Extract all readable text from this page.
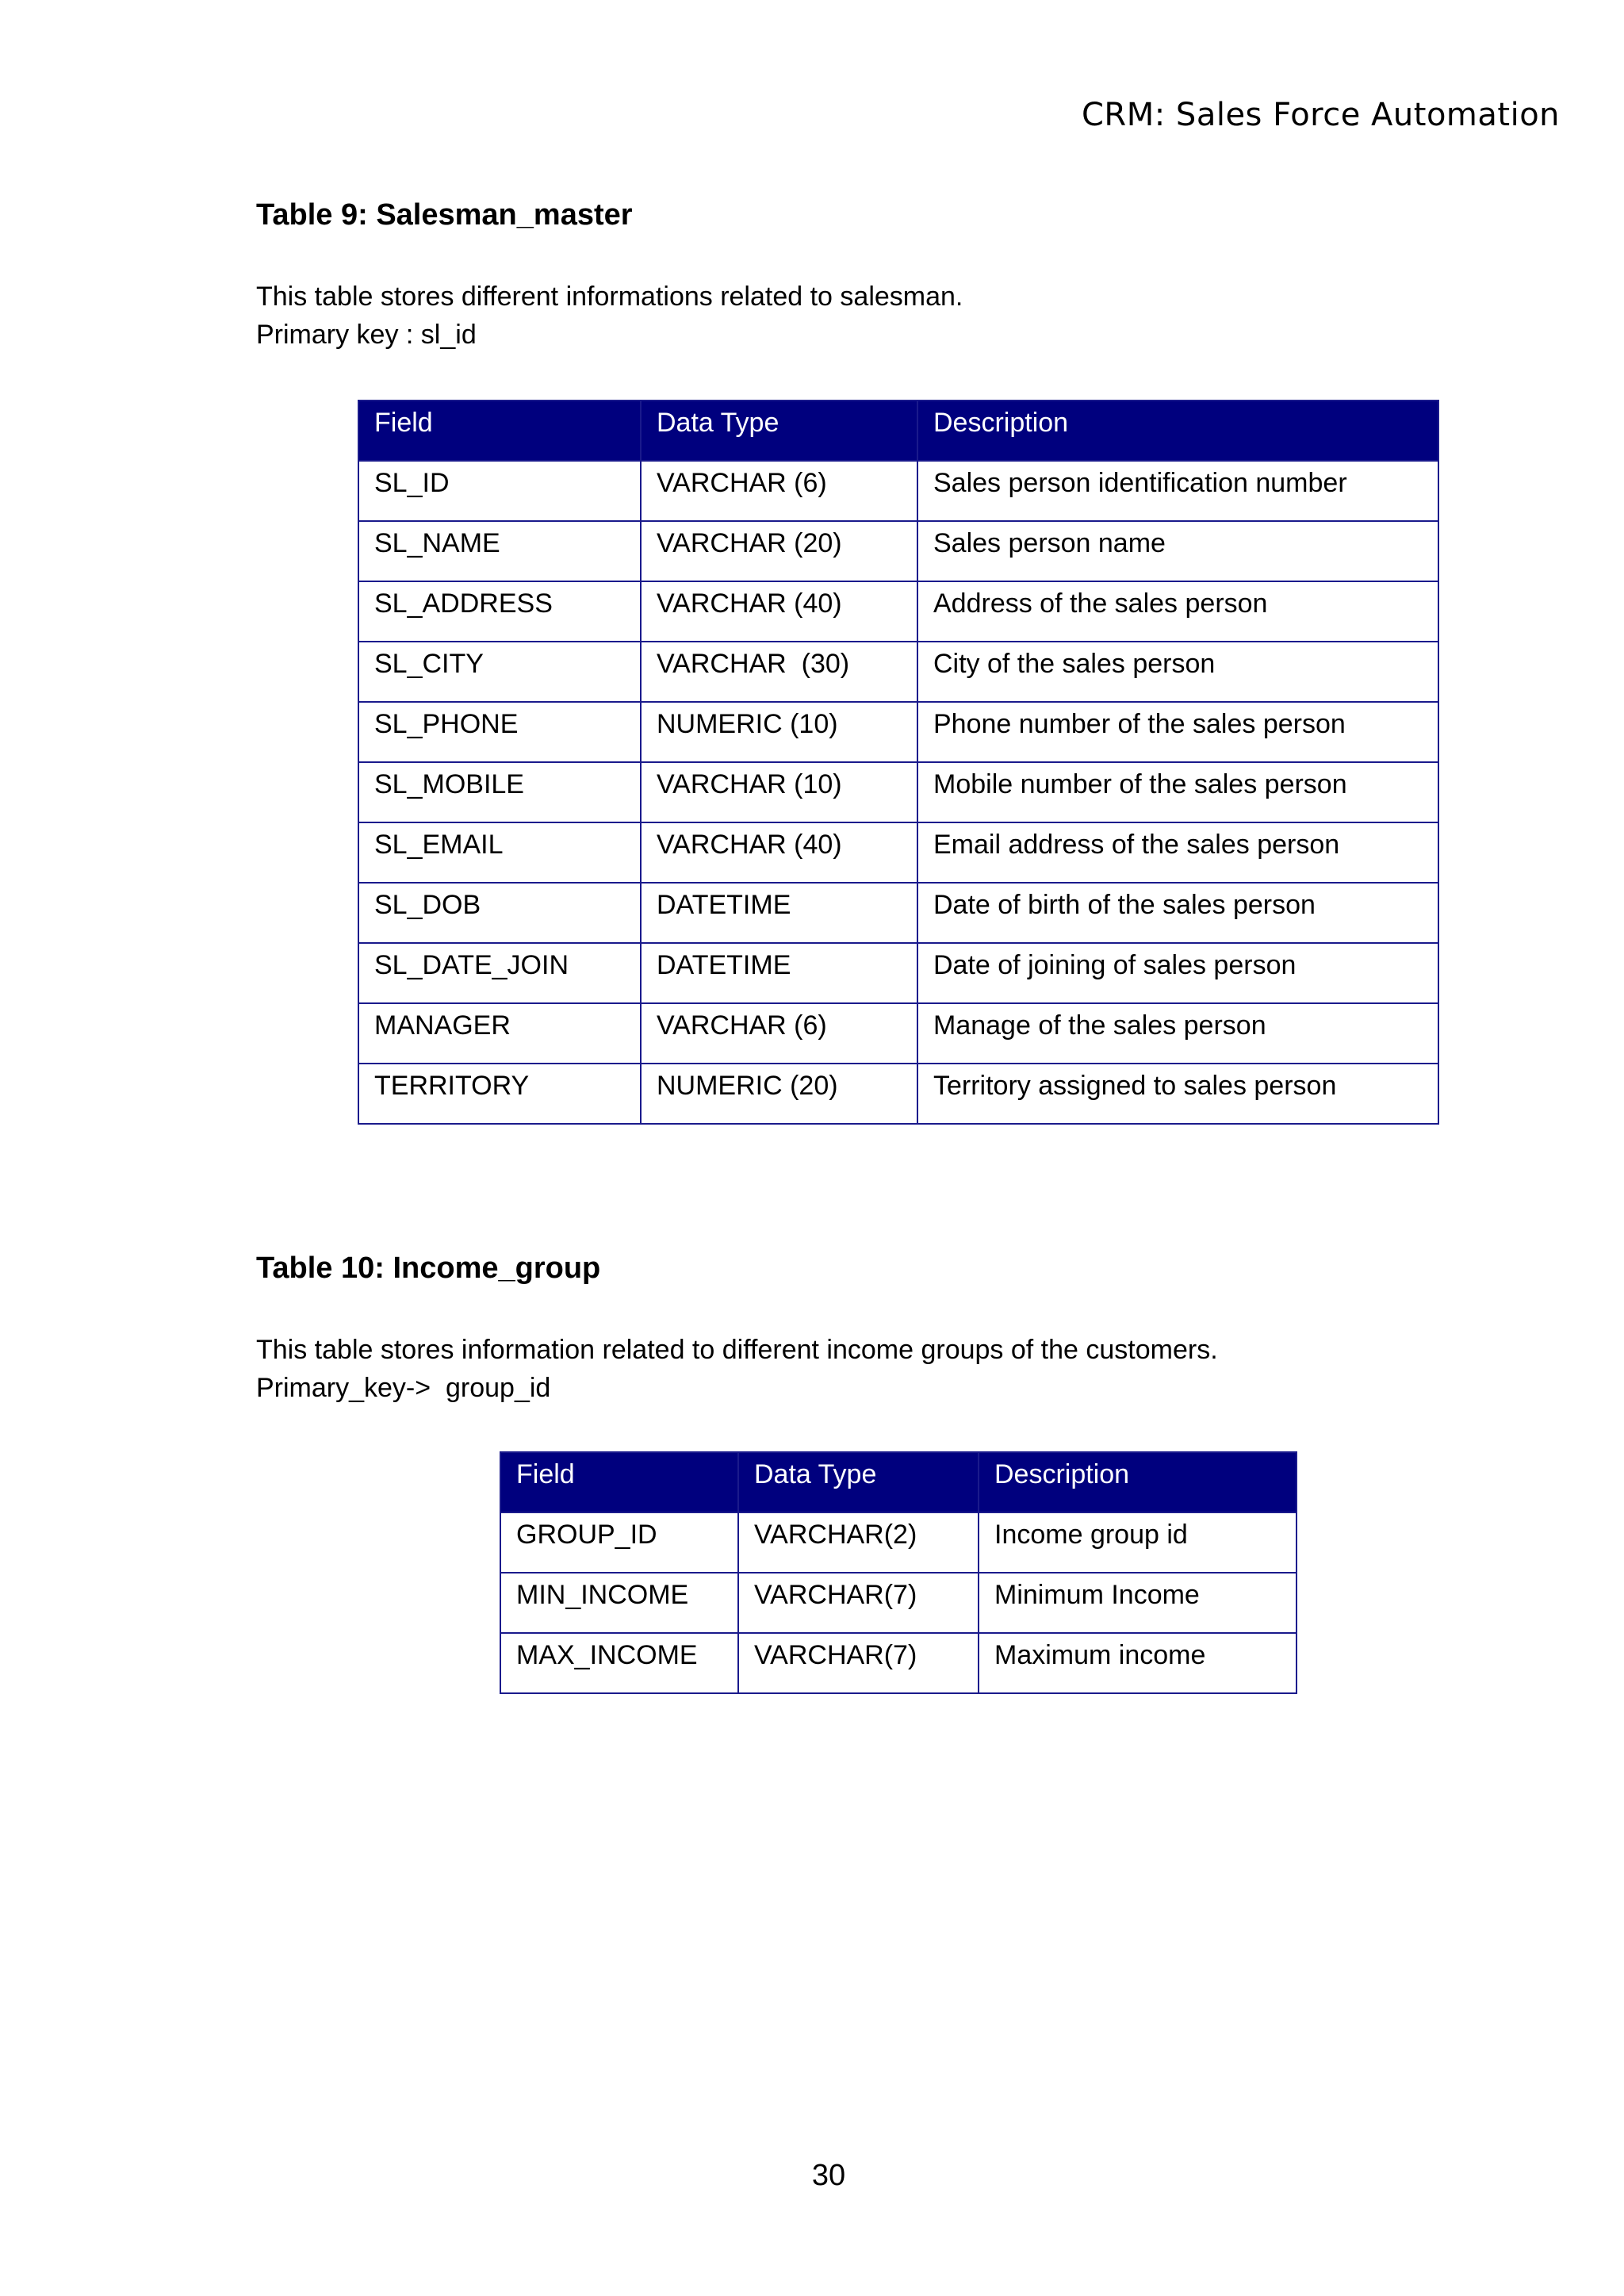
CRM: Sales Force Automation
Table 9: Salesman_master
This table stores different informations related to salesman.
Primary key : sl_id
Field	Data Type	Description
SL_ID	VARCHAR (6)	Sales person identification number
SL_NAME	VARCHAR (20)	Sales person name
SL_ADDRESS	VARCHAR (40)	Address of the sales person
SL_CITY	VARCHAR  (30)	City of the sales person
SL_PHONE	NUMERIC (10)	Phone number of the sales person
SL_MOBILE	VARCHAR (10)	Mobile number of the sales person
SL_EMAIL	VARCHAR (40)	Email address of the sales person
SL_DOB	DATETIME	Date of birth of the sales person
SL_DATE_JOIN	DATETIME	Date of joining of sales person
MANAGER	VARCHAR (6)	Manage of the sales person
TERRITORY	NUMERIC (20)	Territory assigned to sales person
Table 10: Income_group
This table stores information related to different income groups of the customers.
Primary_key->  group_id
Field	Data Type	Description
GROUP_ID	VARCHAR(2)	Income group id
MIN_INCOME	VARCHAR(7)	Minimum Income
MAX_INCOME	VARCHAR(7)	Maximum income
30
